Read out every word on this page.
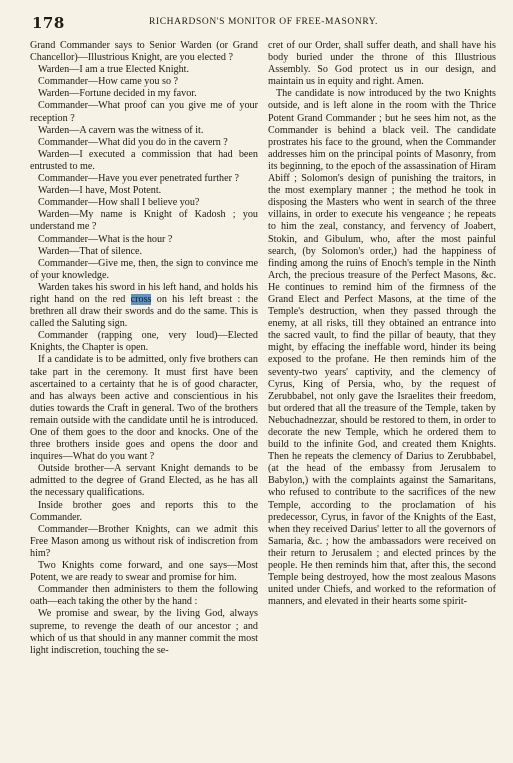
178	RICHARDSON'S MONITOR OF FREE-MASONRY.

Grand Commander says to Senior Warden (or Grand Chancellor)—Illustrious Knight, are you elected ?

Warden—I am a true Elected Knight.

Commander—How came you so ?

Warden—Fortune decided in my favor.

Commander—What proof can you give me of your reception ?

Warden—A cavern was the witness of it.

Commander—What did you do in the cavern ?

Warden—I executed a commission that had been entrusted to me.

Commander—Have you ever penetrated further ?

Warden—I have, Most Potent.

Commander—How shall I believe you?

Warden—My name is Knight of Kadosh ; you understand me ?

Commander—What is the hour ?

Warden—That of silence.

Commander—Give me, then, the sign to convince me of your knowledge.

Warden takes his sword in his left hand, and holds his right hand on the red cross on his left breast : the brethren all draw their swords and do the same. This is called the Saluting sign.

Commander (rapping one, very loud)—Elected Knights, the Chapter is open.

If a candidate is to be admitted, only five brothers can take part in the ceremony. It must first have been ascertained to a certainty that he is of good character, and has always been active and conscientious in his duties towards the Craft in general. Two of the brothers remain outside with the candidate until he is introduced. One of them goes to the door and knocks. One of the three brothers inside goes and opens the door and inquires—What do you want ?

Outside brother—A servant Knight demands to be admitted to the degree of Grand Elected, as he has all the necessary qualifications.

Inside brother goes and reports this to the Commander.

Commander—Brother Knights, can we admit this Free Mason among us without risk of indiscretion from him?

Two Knights come forward, and one says—Most Potent, we are ready to swear and promise for him.

Commander then administers to them the following oath—each taking the other by the hand :

We promise and swear, by the living God, always supreme, to revenge the death of our ancestor ; and which of us that should in any manner commit the most light indiscretion, touching the se-

cret of our Order, shall suffer death, and shall have his body buried under the throne of this Illustrious Assembly. So God protect us in our design, and maintain us in equity and right. Amen.

The candidate is now introduced by the two Knights outside, and is left alone in the room with the Thrice Potent Grand Commander ; but he sees him not, as the Commander is behind a black veil. The candidate prostrates his face to the ground, when the Commander addresses him on the principal points of Masonry, from its beginning, to the epoch of the assassination of Hiram Abiff ; Solomon's design of punishing the traitors, in the most exemplary manner ; the method he took in disposing the Masters who went in search of the three villains, in order to execute his vengeance ; he repeats to him the zeal, constancy, and fervency of Joabert, Stokin, and Gibulum, who, after the most painful search, (by Solomon's order,) had the happiness of finding among the ruins of Enoch's temple in the Ninth Arch, the precious treasure of the Perfect Masons, &c. He continues to remind him of the firmness of the Grand Elect and Perfect Masons, at the time of the Temple's destruction, when they passed through the enemy, at all risks, till they obtained an entrance into the sacred vault, to find the pillar of beauty, that they might, by effacing the ineffable word, hinder its being exposed to the profane. He then reminds him of the seventy-two years' captivity, and the clemency of Cyrus, King of Persia, who, by the request of Zerubbabel, not only gave the Israelites their freedom, but ordered that all the treasure of the Temple, taken by Nebuchadnezzar, should be restored to them, in order to decorate the new Temple, which he ordered them to build to the infinite God, and created them Knights. Then he repeats the clemency of Darius to Zerubbabel, (at the head of the embassy from Jerusalem to Babylon,) with the complaints against the Samaritans, who refused to contribute to the sacrifices of the new Temple, according to the proclamation of his predecessor, Cyrus, in favor of the Knights of the East, when they received Darius' letter to all the governors of Samaria, &c. ; how the ambassadors were received on their return to Jerusalem ; and elected princes by the people. He then reminds him that, after this, the second Temple being destroyed, how the most zealous Masons united under Chiefs, and worked to the reformation of manners, and elevated in their hearts some spirit-
